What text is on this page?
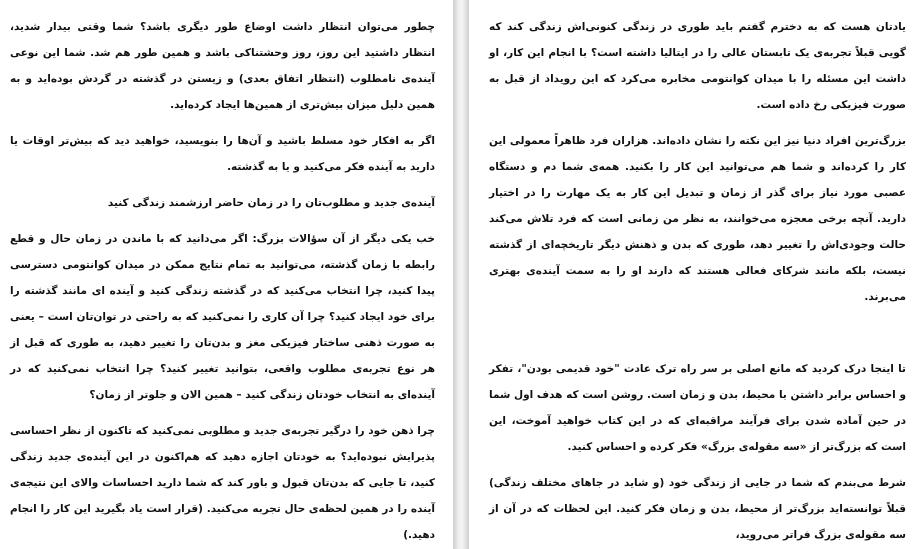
چطور می‌توان انتظار داشت اوضاع طور دیگری باشد؟ شما وقتی بیدار شدید، انتظار داشتید این روز، روز وحشتناکی باشد و همین طور هم شد. شما این نوعی آینده‌ی نامطلوب (انتظار اتفاق بعدی) و زیستن در گذشته در گردش بوده‌اید و به همین دلیل میزان بیش‌تری از همین‌ها ایجاد کرده‌اید.

اگر به افکار خود مسلط باشید و آن‌ها را بنویسید، خواهید دید که بیش‌تر اوقات یا دارید به آینده فکر می‌کنید و یا به گذشته.

آینده‌ی جدید و مطلوب‌تان را در زمان حاضر ارزشمند زندگی کنید

خب یکی دیگر از آن سؤالات بزرگ: اگر می‌دانید که با ماندن در زمان حال و قطع رابطه با زمان گذشته، می‌توانید به تمام نتایج ممکن در میدان کوانتومی دسترسی پیدا کنید، چرا انتخاب می‌کنید که در گذشته زندگی کنید و آینده ای مانند گذشته را برای خود ایجاد کنید؟ چرا آن کاری را نمی‌کنید که به راحتی در توان‌تان است – یعنی به صورت ذهنی ساختار فیزیکی مغز و بدن‌تان را تغییر دهید، به طوری که قبل از هر نوع تجربه‌ی مطلوب واقعی، بتوانید تغییر کنید؟ چرا انتخاب نمی‌کنید که در آینده‌ای به انتخاب خودتان زندگی کنید – همین الان و جلوتر از زمان؟

چرا ذهن خود را درگیر تجربه‌ی جدید و مطلوبی نمی‌کنید که تاکنون از نظر احساسی پذیرایش نبوده‌اید؟ به خودتان اجازه دهید که هم‌اکنون در این آینده‌ی جدید زندگی کنید، تا جایی که بدن‌تان قبول و باور کند که شما دارید احساسات والای این نتیجه‌ی آینده را در همین لحظه‌ی حال تجربه می‌کنید. (قرار است یاد بگیرید این کار را انجام دهید.)

یادتان هست که به دخترم گفتم باید طوری در زندگی کنونی‌اش زندگی کند که گویی قبلاً تجربه‌ی یک تابستان عالی را در ایتالیا داشته است؟ با انجام این کار، او داشت این مسئله را با میدان کوانتومی مخابره می‌کرد که این رویداد از قبل به صورت فیزیکی رخ داده است.

بزرگ‌ترین افراد دنیا نیز این نکته را نشان داده‌اند. هزاران فرد ظاهراً معمولی این کار را کرده‌اند و شما هم می‌توانید این کار را بکنید. همه‌ی شما دم و دستگاه عصبی مورد نیاز برای گذر از زمان و تبدیل این کار به یک مهارت را در اختیار دارید. آنچه برخی معجزه می‌خوانند، به نظر من زمانی است که فرد تلاش می‌کند حالت وجودی‌اش را تغییر دهد، طوری که بدن و ذهنش دیگر تاریخچه‌ای از گذشته نیست، بلکه مانند شرکای فعالی هستند که دارند او را به سمت آینده‌ی بهتری می‌برند.

تا اینجا درک کردید که مانع اصلی بر سر راه ترک عادت "خود قدیمی بودن"، تفکر و احساس برابر داشتن با محیط، بدن و زمان است. روشن است که هدف اول شما در حین آماده شدن برای فرآیند مراقبه‌ای که در این کتاب خواهید آموخت، این است که بزرگ‌تر از «سه مقوله‌ی بزرگ» فکر کرده و احساس کنید.

شرط می‌بندم که شما در جایی از زندگی خود (و شاید در جاهای مختلف زندگی) قبلاً توانسته‌اید بزرگ‌تر از محیط، بدن و زمان فکر کنید. این لحظات که در آن از سه مقوله‌ی بزرگ فراتر می‌روید،
